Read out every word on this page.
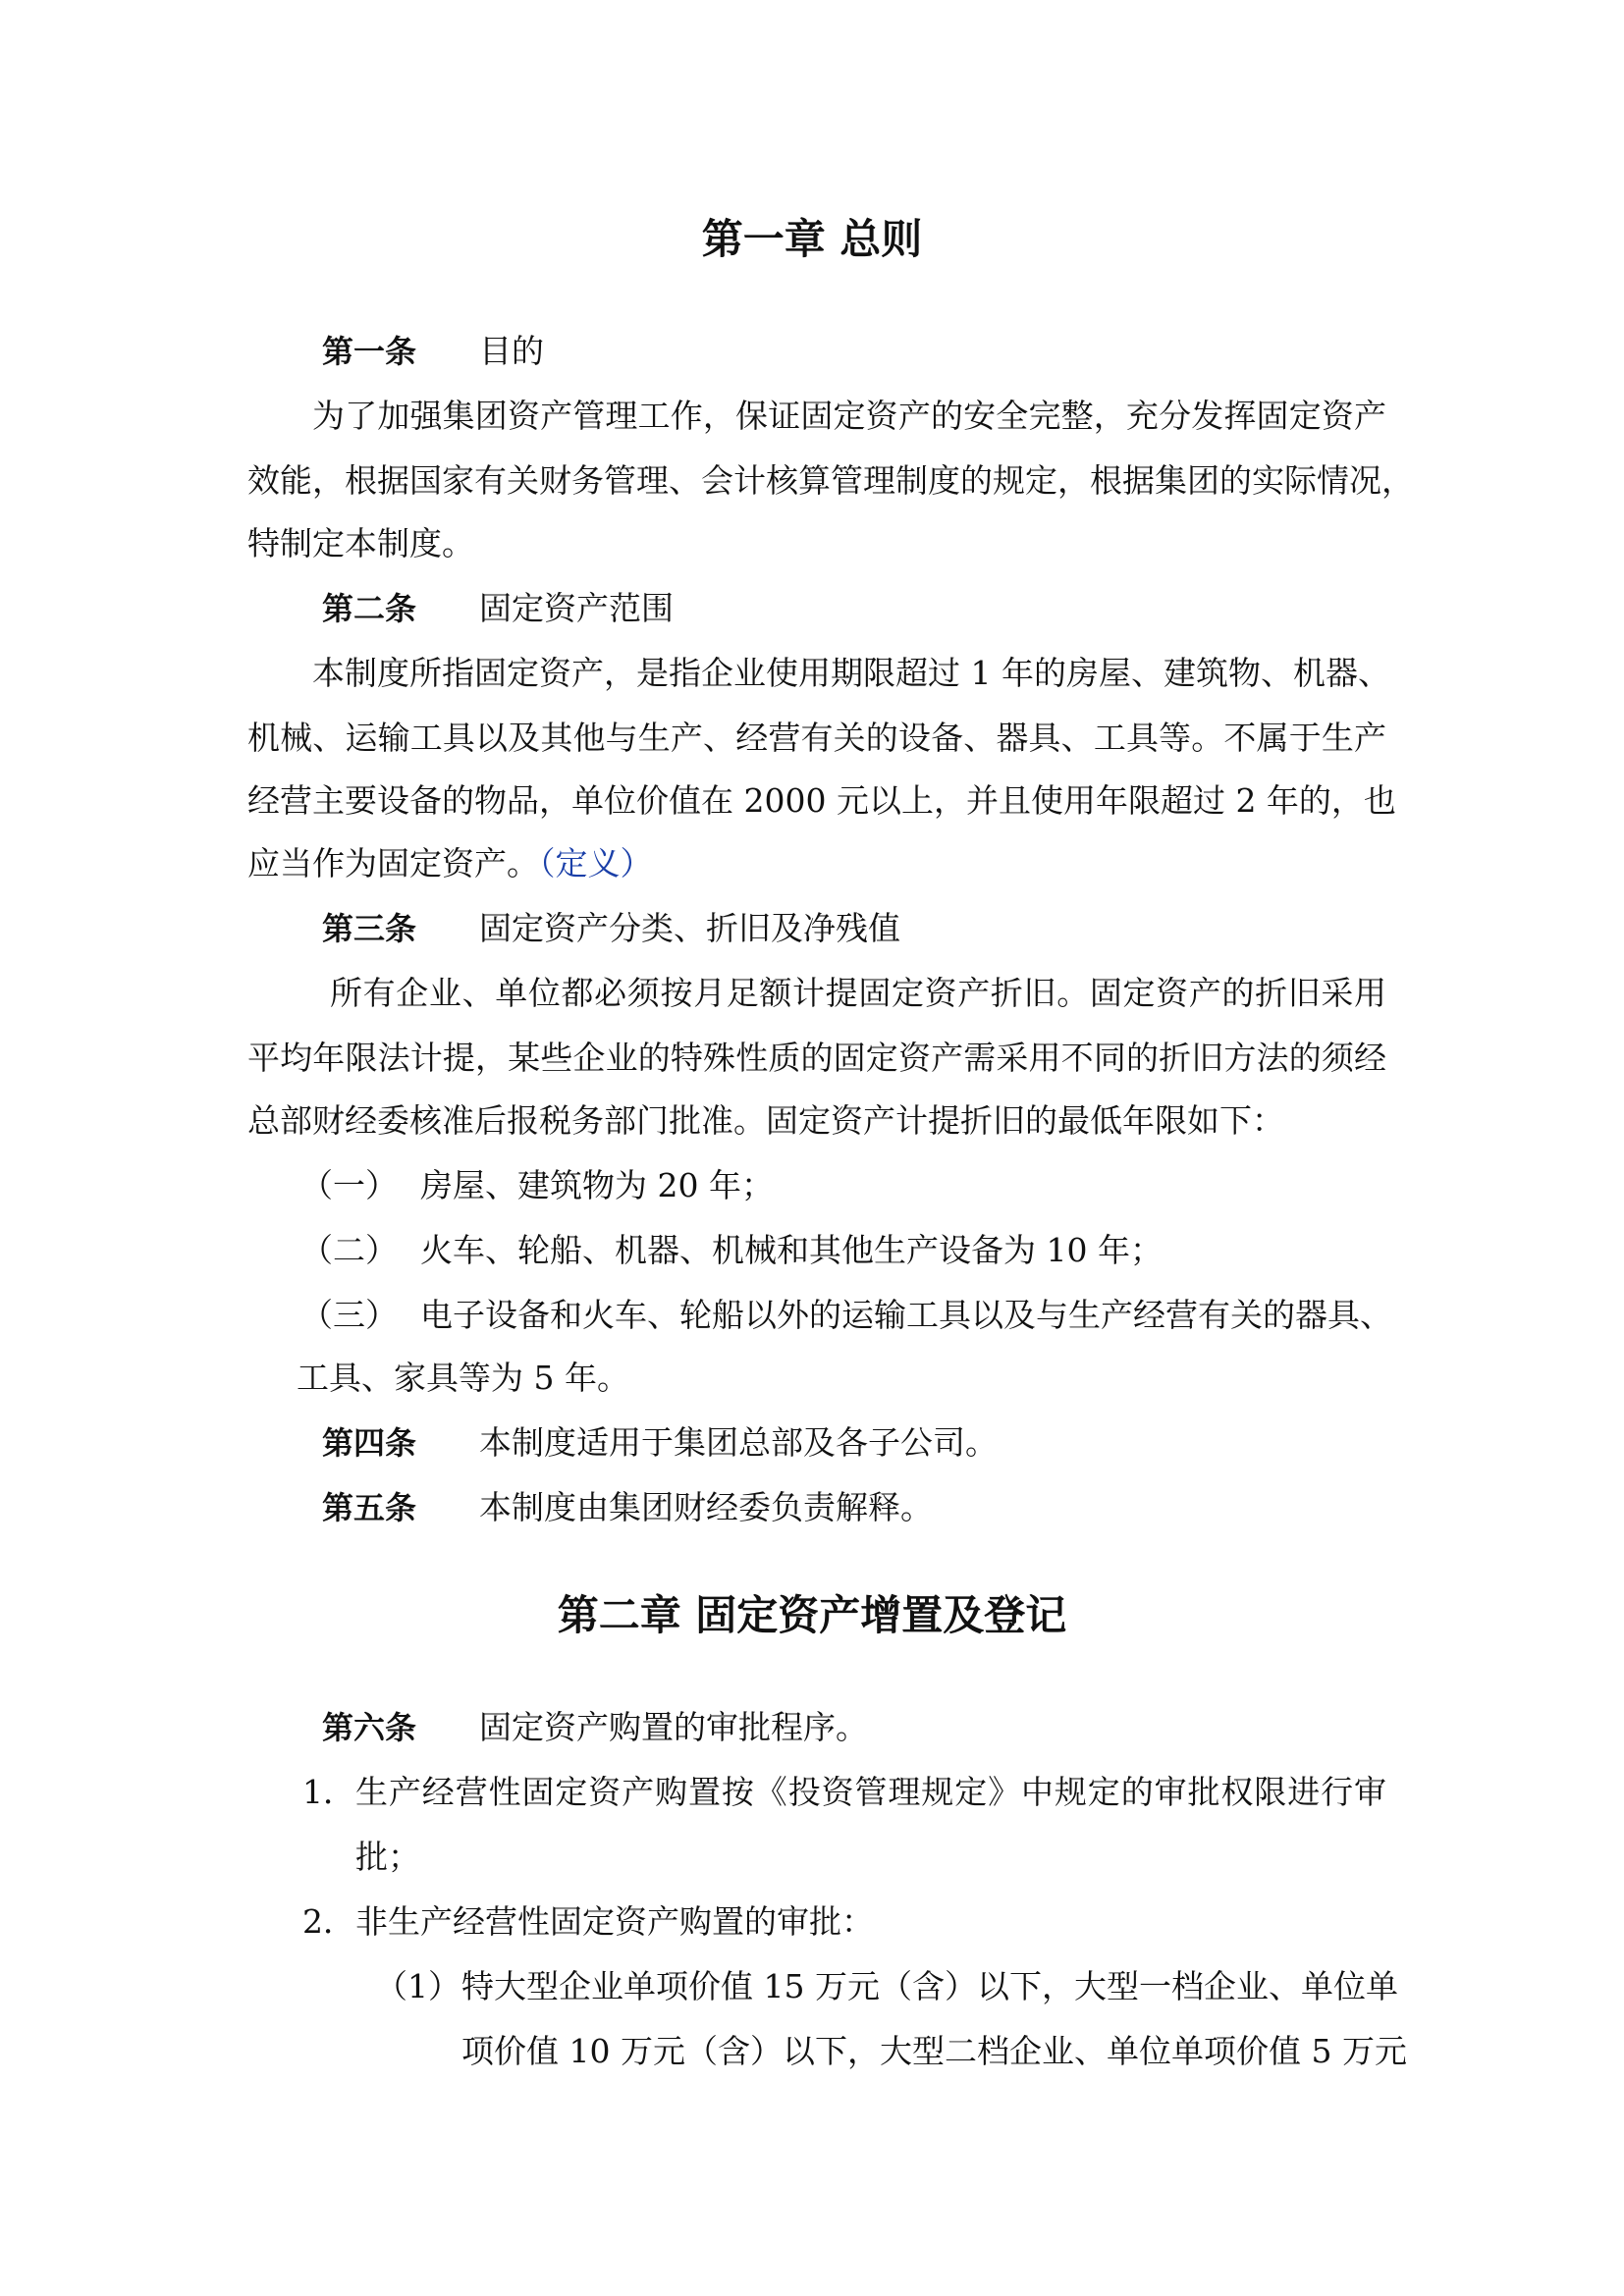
第一章 总则
第一条 目的
为了加强集团资产管理工作，保证固定资产的安全完整，充分发挥固定资产
效能，根据国家有关财务管理、会计核算管理制度的规定，根据集团的实际情况，
特制定本制度。
第二条 固定资产范围
本制度所指固定资产，是指企业使用期限超过 1 年的房屋、建筑物、机器、
机械、运输工具以及其他与生产、经营有关的设备、器具、工具等。不属于生产
经营主要设备的物品，单位价值在 2000 元以上，并且使用年限超过 2 年的，也
应当作为固定资产。（定义）
第三条 固定资产分类、折旧及净残值
所有企业、单位都必须按月足额计提固定资产折旧。固定资产的折旧采用
平均年限法计提，某些企业的特殊性质的固定资产需采用不同的折旧方法的须经
总部财经委核准后报税务部门批准。固定资产计提折旧的最低年限如下：
（一） 房屋、建筑物为 20 年；
（二） 火车、轮船、机器、机械和其他生产设备为 10 年；
（三） 电子设备和火车、轮船以外的运输工具以及与生产经营有关的器具、
工具、家具等为 5 年。
第四条 本制度适用于集团总部及各子公司。
第五条 本制度由集团财经委负责解释。
第二章 固定资产增置及登记
第六条 固定资产购置的审批程序。
1． 生产经营性固定资产购置按《投资管理规定》中规定的审批权限进行审
批；
2． 非生产经营性固定资产购置的审批：
（1） 特大型企业单项价值 15 万元（含）以下，大型一档企业、单位单
项价值 10 万元（含）以下，大型二档企业、单位单项价值 5 万元
